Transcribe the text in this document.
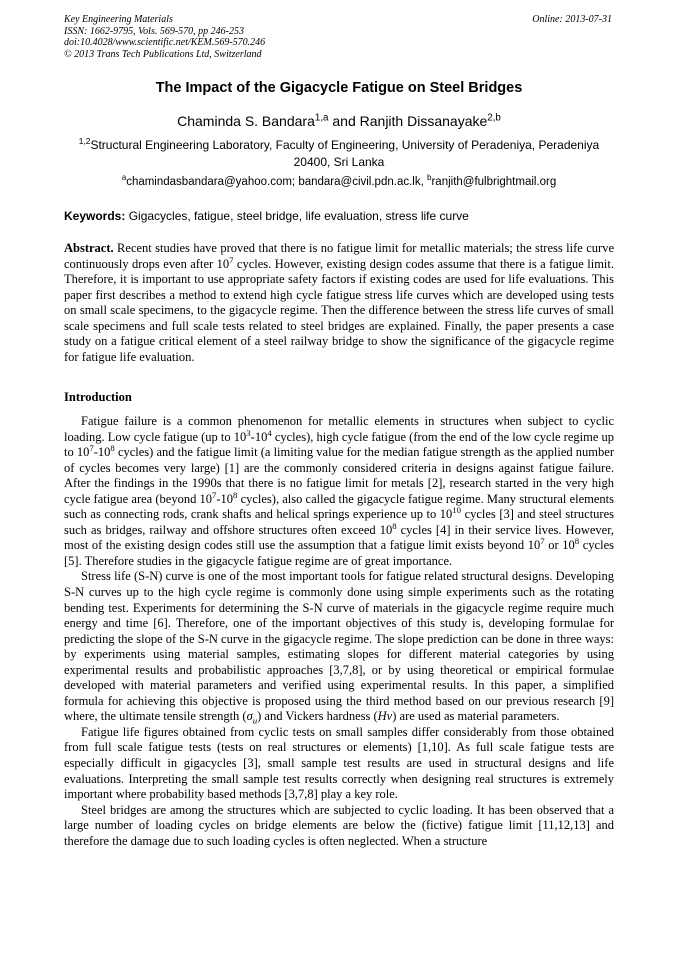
Key Engineering Materials
ISSN: 1662-9795, Vols. 569-570, pp 246-253
doi:10.4028/www.scientific.net/KEM.569-570.246
© 2013 Trans Tech Publications Ltd, Switzerland
Online: 2013-07-31
The Impact of the Gigacycle Fatigue on Steel Bridges
Chaminda S. Bandara$^{1,a}$ and Ranjith Dissanayake$^{2,b}$
$^{1,2}$Structural Engineering Laboratory, Faculty of Engineering, University of Peradeniya, Peradeniya 20400, Sri Lanka
$^a$chamindasbandara@yahoo.com; bandara@civil.pdn.ac.lk, $^b$ranjith@fulbrightmail.org
Keywords: Gigacycles, fatigue, steel bridge, life evaluation, stress life curve
Abstract. Recent studies have proved that there is no fatigue limit for metallic materials; the stress life curve continuously drops even after $10^7$ cycles. However, existing design codes assume that there is a fatigue limit. Therefore, it is important to use appropriate safety factors if existing codes are used for life evaluations. This paper first describes a method to extend high cycle fatigue stress life curves which are developed using tests on small scale specimens, to the gigacycle regime. Then the difference between the stress life curves of small scale specimens and full scale tests related to steel bridges are explained. Finally, the paper presents a case study on a fatigue critical element of a steel railway bridge to show the significance of the gigacycle regime for fatigue life evaluation.
Introduction

Fatigue failure is a common phenomenon for metallic elements in structures when subject to cyclic loading. Low cycle fatigue (up to $10^3-10^4$ cycles), high cycle fatigue (from the end of the low cycle regime up to $10^7-10^8$ cycles) and the fatigue limit (a limiting value for the median fatigue strength as the applied number of cycles becomes very large) [1] are the commonly considered criteria in designs against fatigue failure. After the findings in the 1990s that there is no fatigue limit for metals [2], research started in the very high cycle fatigue area (beyond $10^7-10^8$ cycles), also called the gigacycle fatigue regime. Many structural elements such as connecting rods, crank shafts and helical springs experience up to $10^{10}$ cycles [3] and steel structures such as bridges, railway and offshore structures often exceed $10^8$ cycles [4] in their service lives. However, most of the existing design codes still use the assumption that a fatigue limit exists beyond $10^7$ or $10^8$ cycles [5]. Therefore studies in the gigacycle fatigue regime are of great importance.

Stress life (S-N) curve is one of the most important tools for fatigue related structural designs. Developing S-N curves up to the high cycle regime is commonly done using simple experiments such as the rotating bending test. Experiments for determining the S-N curve of materials in the gigacycle regime require much energy and time [6]. Therefore, one of the important objectives of this study is, developing formulae for predicting the slope of the S-N curve in the gigacycle regime. The slope prediction can be done in three ways: by experiments using material samples, estimating slopes for different material categories by using experimental results and probabilistic approaches [3,7,8], or by using theoretical or empirical formulae developed with material parameters and verified using experimental results. In this paper, a simplified formula for achieving this objective is proposed using the third method based on our previous research [9] where, the ultimate tensile strength $(\sigma_u)$ and Vickers hardness (Hv) are used as material parameters.

Fatigue life figures obtained from cyclic tests on small samples differ considerably from those obtained from full scale fatigue tests (tests on real structures or elements) [1,10]. As full scale fatigue tests are especially difficult in gigacycles [3], small sample test results are used in structural designs and life evaluations. Interpreting the small sample test results correctly when designing real structures is extremely important where probability based methods [3,7,8] play a key role.

Steel bridges are among the structures which are subjected to cyclic loading. It has been observed that a large number of loading cycles on bridge elements are below the (fictive) fatigue limit [11,12,13] and therefore the damage due to such loading cycles is often neglected. When a structure
